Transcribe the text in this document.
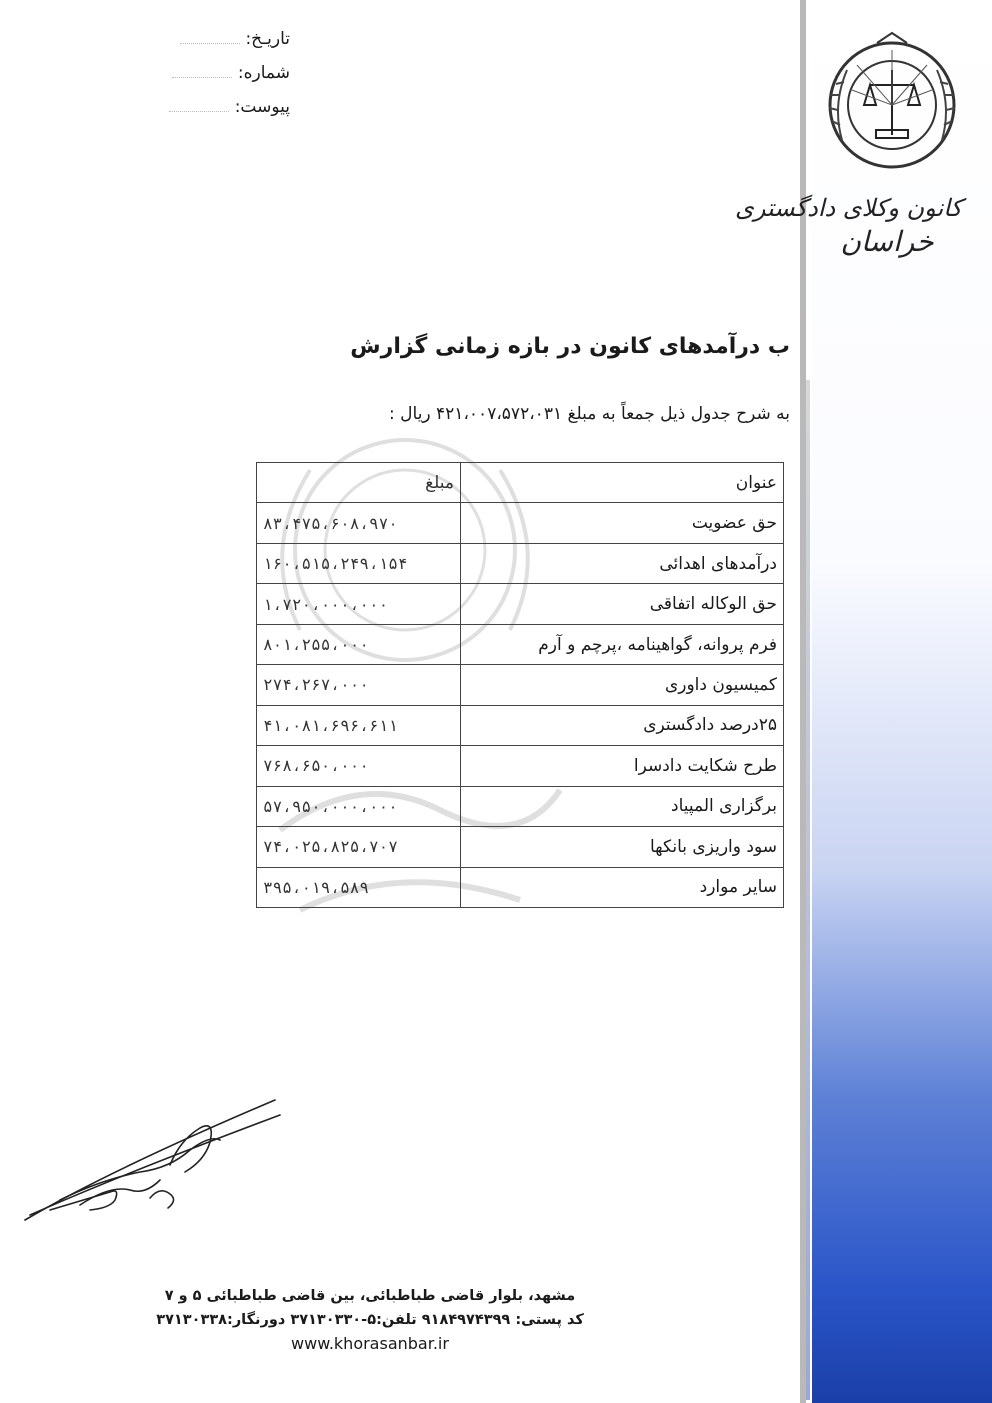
تاریـخ:
شماره:
پیوست:
کانون وکلای دادگستری
خراسان
ب درآمدهای کانون در بازه زمانی گزارش
به شرح جدول ذیل جمعاً به مبلغ ۴۲۱،۰۰۷،۵۷۲،۰۳۱ ریال :
عنوان	مبلغ
حق عضویت	۸۳،۴۷۵،۶۰۸،۹۷۰
درآمدهای اهدائی	۱۶۰،۵۱۵،۲۴۹،۱۵۴
حق الوکاله اتفاقی	۱،۷۲۰،۰۰۰،۰۰۰
فرم پروانه، گواهینامه ،پرچم و آرم	۸۰۱،۲۵۵،۰۰۰
کمیسیون داوری	۲۷۴،۲۶۷،۰۰۰
۲۵درصد دادگستری	۴۱،۰۸۱،۶۹۶،۶۱۱
طرح شکایت دادسرا	۷۶۸،۶۵۰،۰۰۰
برگزاری المپیاد	۵۷،۹۵۰،۰۰۰،۰۰۰
سود واریزی بانکها	۷۴،۰۲۵،۸۲۵،۷۰۷
سایر موارد	۳۹۵،۰۱۹،۵۸۹
مشهد، بلوار قاضی طباطبائی، بین قاضی طباطبائی ۵ و ۷
کد پستی: ۹۱۸۴۹۷۴۳۹۹ تلفن:۵-۳۷۱۳۰۳۳۰ دورنگار:۳۷۱۳۰۳۳۸
www.khorasanbar.ir
